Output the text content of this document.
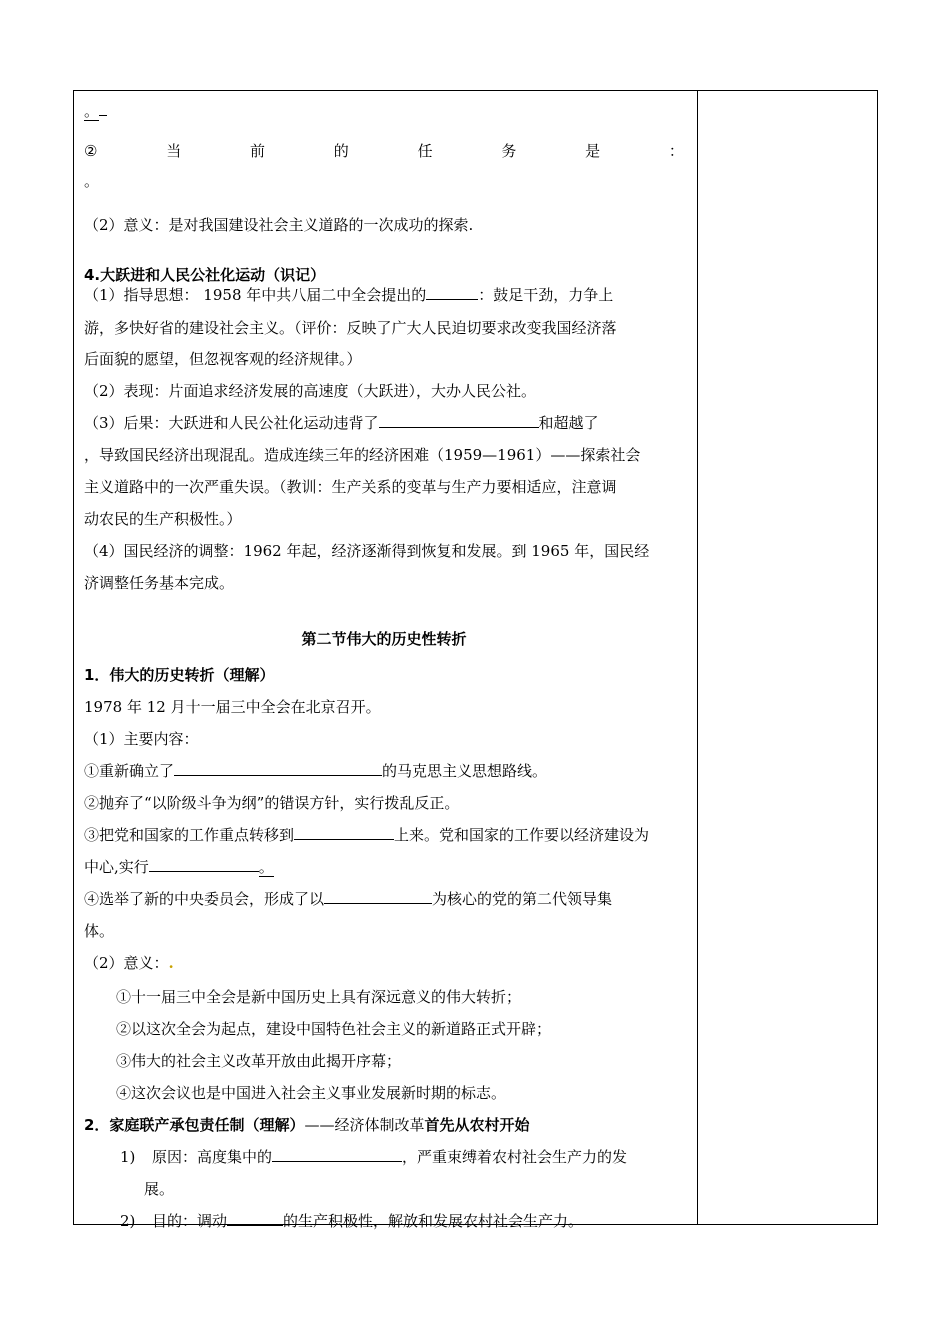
。
②	当	前	的	任	务	是	：
。
（2）意义：是对我国建设社会主义道路的一次成功的探索.
4.大跃进和人民公社化运动（识记）
（1）指导思想： 1958 年中共八届二中全会提出的	：鼓足干劲，力争上
游，多快好省的建设社会主义。（评价：反映了广大人民迫切要求改变我国经济落
后面貌的愿望，但忽视客观的经济规律。）
（2）表现：片面追求经济发展的高速度（大跃进），大办人民公社。
（3）后果：大跃进和人民公社化运动违背了	和超越了
，导致国民经济出现混乱。造成连续三年的经济困难（1959—1961）——探索社会
主义道路中的一次严重失误。（教训：生产关系的变革与生产力要相适应，注意调
动农民的生产积极性。）
（4）国民经济的调整：1962 年起，经济逐渐得到恢复和发展。到 1965 年，国民经
济调整任务基本完成。
第二节伟大的历史性转折
1．伟大的历史转折（理解）
1978 年 12 月十一届三中全会在北京召开。
（1）主要内容：
①重新确立了	的马克思主义思想路线。
②抛弃了“以阶级斗争为纲”的错误方针，实行拨乱反正。
③把党和国家的工作重点转移到	上来。党和国家的工作要以经济建设为
中心,实行	。
④选举了新的中央委员会，形成了以	为核心的党的第二代领导集
体。
（2）意义：.
①十一届三中全会是新中国历史上具有深远意义的伟大转折；
②以这次全会为起点，建设中国特色社会主义的新道路正式开辟；
③伟大的社会主义改革开放由此揭开序幕；
④这次会议也是中国进入社会主义事业发展新时期的标志。
2．家庭联产承包责任制（理解）——经济体制改革首先从农村开始
1) 原因：高度集中的	，严重束缚着农村社会生产力的发
展。
2) 目的：调动	的生产积极性，解放和发展农村社会生产力。
